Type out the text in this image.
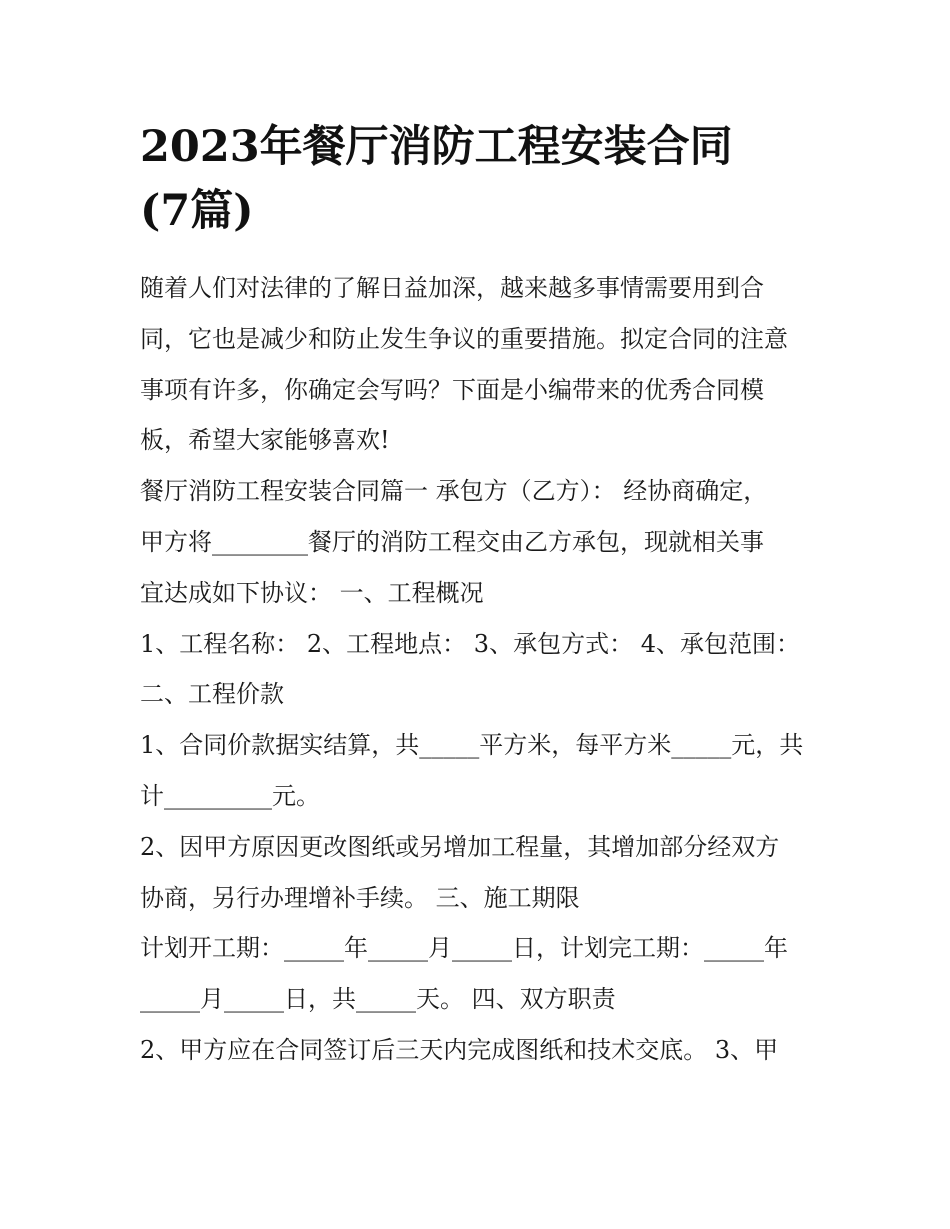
2023年餐厅消防工程安装合同
(7篇)
随着人们对法律的了解日益加深，越来越多事情需要用到合
同，它也是减少和防止发生争议的重要措施。拟定合同的注意
事项有许多，你确定会写吗？下面是小编带来的优秀合同模
板，希望大家能够喜欢!
餐厅消防工程安装合同篇一 承包方（乙方）： 经协商确定，
甲方将________餐厅的消防工程交由乙方承包，现就相关事
宜达成如下协议： 一、工程概况
1、工程名称： 2、工程地点： 3、承包方式： 4、承包范围：
二、工程价款
1、合同价款据实结算，共_____平方米，每平方米_____元，共
计_________元。
2、因甲方原因更改图纸或另增加工程量，其增加部分经双方
协商，另行办理增补手续。 三、施工期限
计划开工期：_____年_____月_____日，计划完工期：_____年
_____月_____日，共_____天。 四、双方职责
2、甲方应在合同签订后三天内完成图纸和技术交底。 3、甲
